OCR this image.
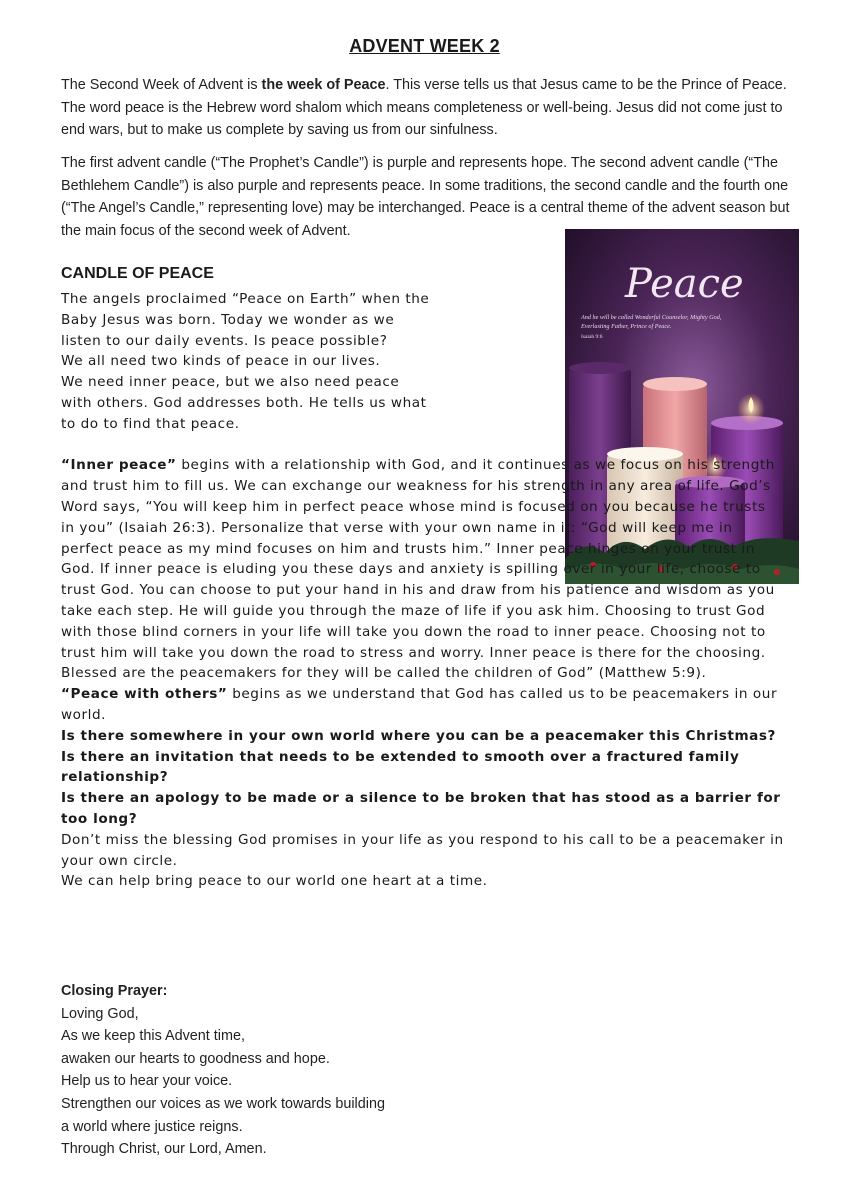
ADVENT WEEK 2

The Second Week of Advent is the week of Peace. This verse tells us that Jesus came to be the Prince of Peace. The word peace is the Hebrew word shalom which means completeness or well-being. Jesus did not come just to end wars, but to make us complete by saving us from our sinfulness.

The first advent candle (“The Prophet’s Candle”) is purple and represents hope. The second advent candle (“The Bethlehem Candle”) is also purple and represents peace. In some traditions, the second candle and the fourth one (“The Angel’s Candle,” representing love) may be interchanged. Peace is a central theme of the advent season but the main focus of the second week of Advent.

CANDLE OF PEACE	Peace
And he will be called Wonderful Counselor, Mighty God,
Everlasting Father, Prince of Peace.
Isaiah 9:6

The angels proclaimed “Peace on Earth” when the
Baby Jesus was born. Today we wonder as we
listen to our daily events. Is peace possible?
We all need two kinds of peace in our lives.
We need inner peace, but we also need peace
with others. God addresses both. He tells us what
to do to find that peace.

“Inner peace” begins with a relationship with God, and it continues as we focus on his strength and trust him to fill us. We can exchange our weakness for his strength in any area of life. God’s Word says, “You will keep him in perfect peace whose mind is focused on you because he trusts in you” (Isaiah 26:3). Personalize that verse with your own name in it: “God will keep me in perfect peace as my mind focuses on him and trusts him.” Inner peace hinges on your trust in God. If inner peace is eluding you these days and anxiety is spilling over in your life, choose to trust God. You can choose to put your hand in his and draw from his patience and wisdom as you take each step. He will guide you through the maze of life if you ask him. Choosing to trust God with those blind corners in your life will take you down the road to inner peace. Choosing not to trust him will take you down the road to stress and worry. Inner peace is there for the choosing.

Blessed are the peacemakers for they will be called the children of God” (Matthew 5:9).

“Peace with others” begins as we understand that God has called us to be peacemakers in our world.

Is there somewhere in your own world where you can be a peacemaker this Christmas?

Is there an invitation that needs to be extended to smooth over a fractured family relationship?

Is there an apology to be made or a silence to be broken that has stood as a barrier for too long?

Don’t miss the blessing God promises in your life as you respond to his call to be a peacemaker in your own circle.

We can help bring peace to our world one heart at a time.

Closing Prayer:

Loving God,

As we keep this Advent time,

awaken our hearts to goodness and hope.

Help us to hear your voice.

Strengthen our voices as we work towards building

a world where justice reigns.

Through Christ, our Lord, Amen.
